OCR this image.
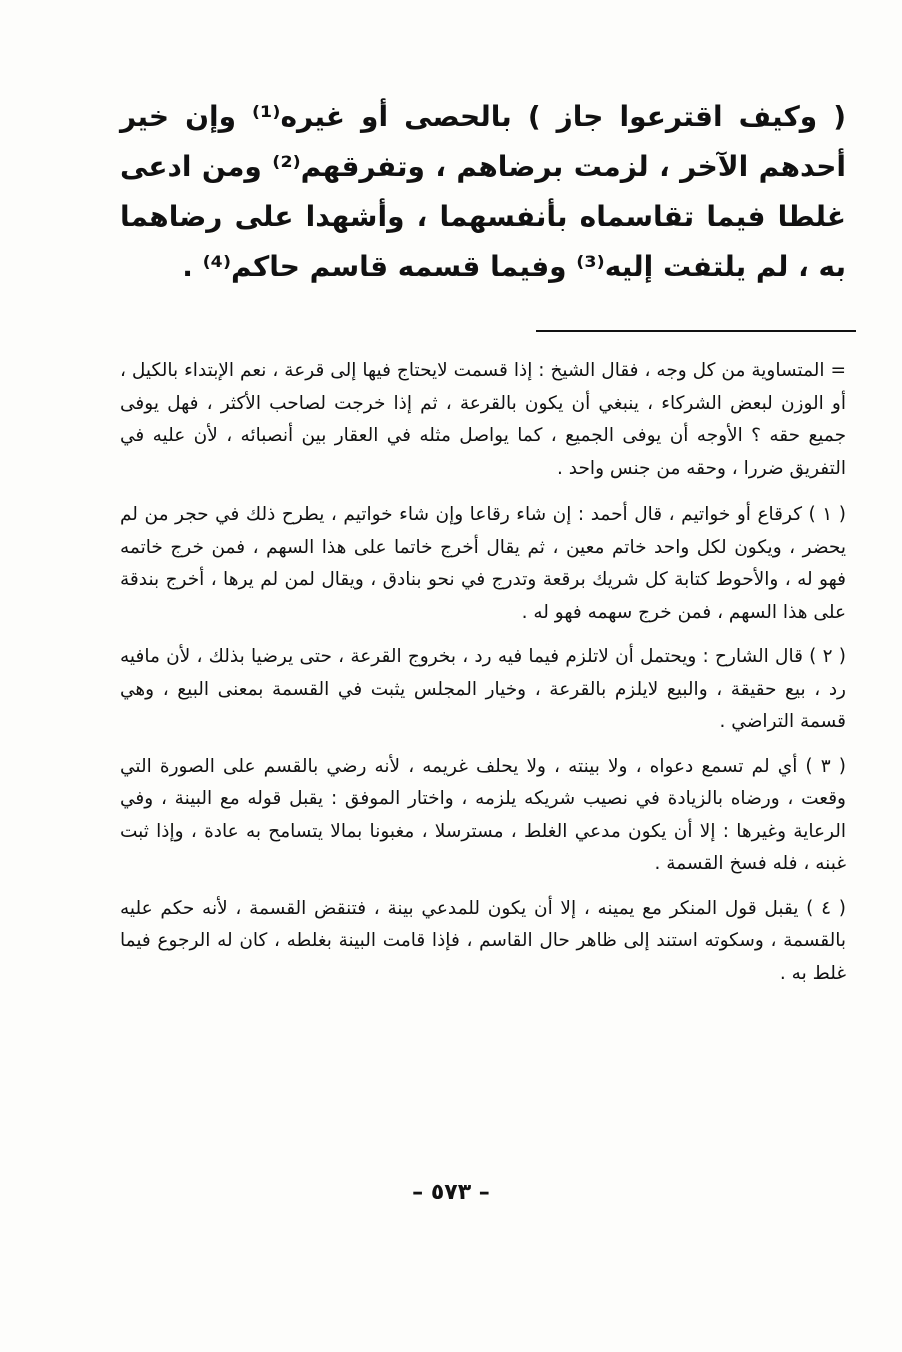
( وكيف اقترعوا جاز ) بالحصى أو غيره⁽¹⁾ وإن خير أحدهم الآخر ، لزمت برضاهم ، وتفرقهم⁽²⁾ ومن ادعى غلطا فيما تقاسماه بأنفسهما ، وأشهدا على رضاهما به ، لم يلتفت إليه⁽³⁾ وفيما قسمه قاسم حاكم⁽⁴⁾ .

= المتساوية من كل وجه ، فقال الشيخ : إذا قسمت لايحتاج فيها إلى قرعة ، نعم الإبتداء بالكيل ، أو الوزن لبعض الشركاء ، ينبغي أن يكون بالقرعة ، ثم إذا خرجت لصاحب الأكثر ، فهل يوفى جميع حقه ؟ الأوجه أن يوفى الجميع ، كما يواصل مثله في العقار بين أنصبائه ، لأن عليه في التفريق ضررا ، وحقه من جنس واحد .

( ١ ) كرقاع أو خواتيم ، قال أحمد : إن شاء رقاعا وإن شاء خواتيم ، يطرح ذلك في حجر من لم يحضر ، ويكون لكل واحد خاتم معين ، ثم يقال أخرج خاتما على هذا السهم ، فمن خرج خاتمه فهو له ، والأحوط كتابة كل شريك برقعة وتدرج في نحو بنادق ، ويقال لمن لم يرها ، أخرج بندقة على هذا السهم ، فمن خرج سهمه فهو له .

( ٢ ) قال الشارح : ويحتمل أن لاتلزم فيما فيه رد ، بخروج القرعة ، حتى يرضيا بذلك ، لأن مافيه رد ، بيع حقيقة ، والبيع لايلزم بالقرعة ، وخيار المجلس يثبت في القسمة بمعنى البيع ، وهي قسمة التراضي .

( ٣ ) أي لم تسمع دعواه ، ولا بينته ، ولا يحلف غريمه ، لأنه رضي بالقسم على الصورة التي وقعت ، ورضاه بالزيادة في نصيب شريكه يلزمه ، واختار الموفق : يقبل قوله مع البينة ، وفي الرعاية وغيرها : إلا أن يكون مدعي الغلط ، مسترسلا ، مغبونا بمالا يتسامح به عادة ، وإذا ثبت غبنه ، فله فسخ القسمة .

( ٤ ) يقبل قول المنكر مع يمينه ، إلا أن يكون للمدعي بينة ، فتنقض القسمة ، لأنه حكم عليه بالقسمة ، وسكوته استند إلى ظاهر حال القاسم ، فإذا قامت البينة بغلطه ، كان له الرجوع فيما غلط به .

– ٥٧٣ –
